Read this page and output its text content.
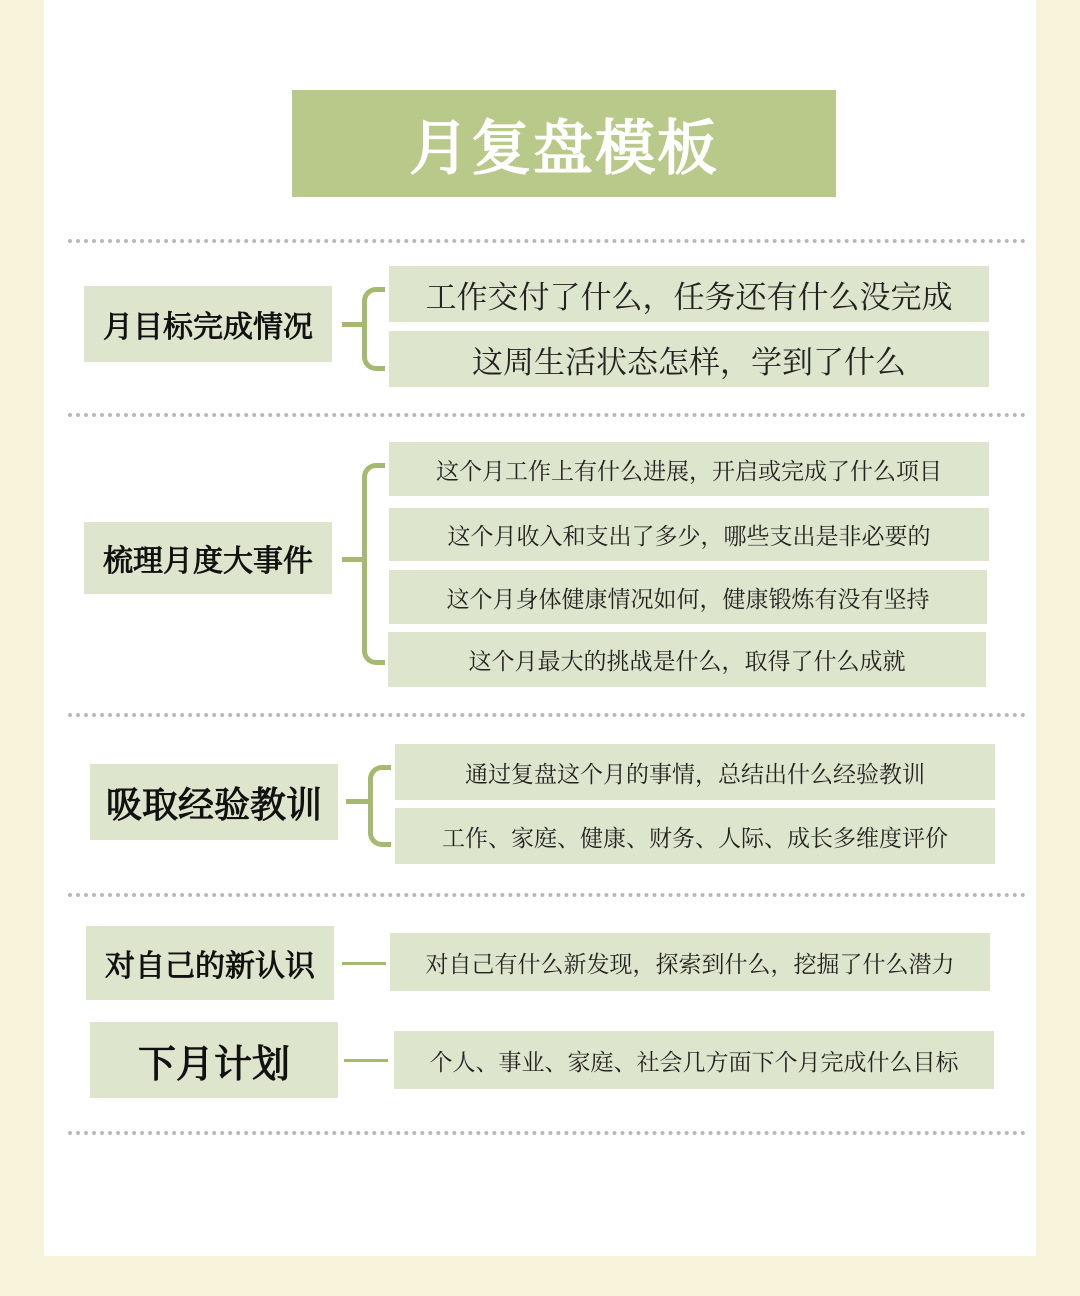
月复盘模板
月目标完成情况
工作交付了什么，任务还有什么没完成
这周生活状态怎样，学到了什么
梳理月度大事件
这个月工作上有什么进展，开启或完成了什么项目
这个月收入和支出了多少，哪些支出是非必要的
这个月身体健康情况如何，健康锻炼有没有坚持
这个月最大的挑战是什么，取得了什么成就
吸取经验教训
通过复盘这个月的事情，总结出什么经验教训
工作、家庭、健康、财务、人际、成长多维度评价
对自己的新认识	对自己有什么新发现，探索到什么，挖掘了什么潜力
下月计划	个人、事业、家庭、社会几方面下个月完成什么目标
